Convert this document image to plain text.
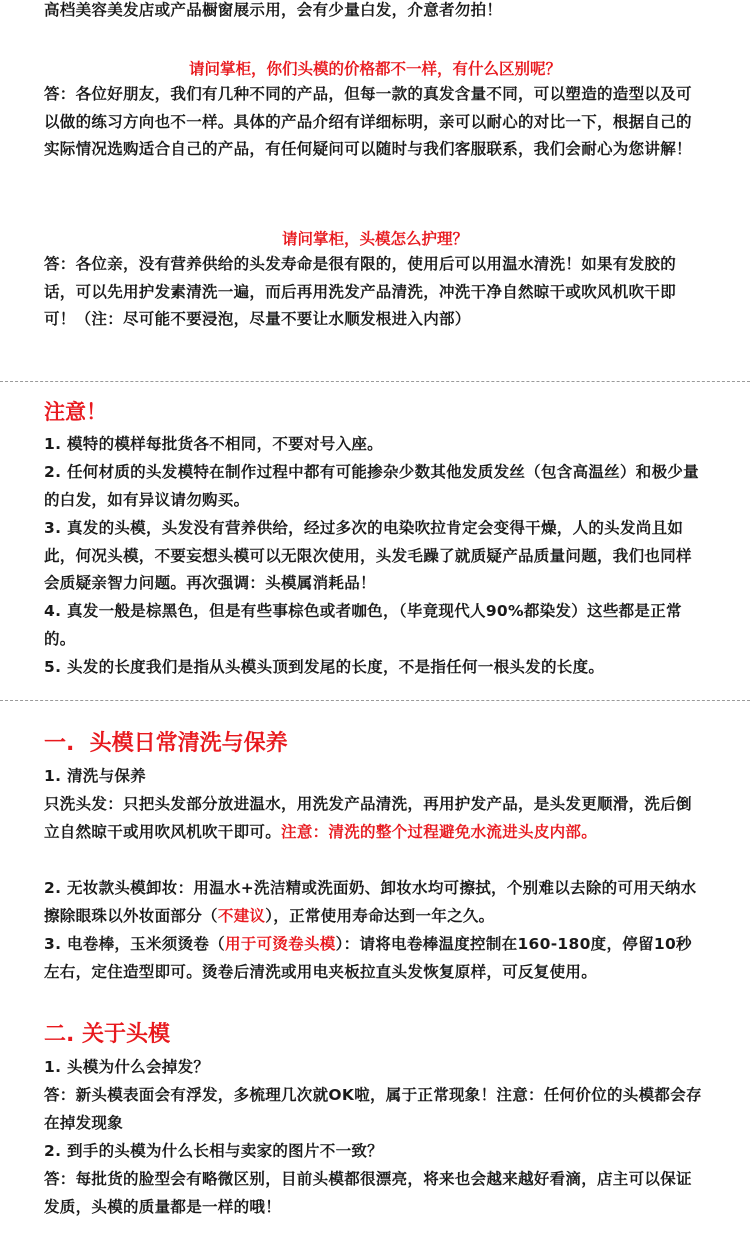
高档美容美发店或产品橱窗展示用，会有少量白发，介意者勿拍！

请问掌柜，你们头模的价格都不一样，有什么区别呢？

答：各位好朋友，我们有几种不同的产品，但每一款的真发含量不同，可以塑造的造型以及可以做的练习方向也不一样。具体的产品介绍有详细标明，亲可以耐心的对比一下，根据自己的实际情况选购适合自己的产品，有任何疑问可以随时与我们客服联系，我们会耐心为您讲解！

请问掌柜，头模怎么护理？

答：各位亲，没有营养供给的头发寿命是很有限的，使用后可以用温水清洗！如果有发胶的话，可以先用护发素清洗一遍，而后再用洗发产品清洗，冲洗干净自然晾干或吹风机吹干即可！（注：尽可能不要浸泡，尽量不要让水顺发根进入内部）

注意！

1. 模特的模样每批货各不相同，不要对号入座。

2. 任何材质的头发模特在制作过程中都有可能掺杂少数其他发质发丝（包含高温丝）和极少量的白发，如有异议请勿购买。

3. 真发的头模，头发没有营养供给，经过多次的电染吹拉肯定会变得干燥，人的头发尚且如此，何况头模，不要妄想头模可以无限次使用，头发毛躁了就质疑产品质量问题，我们也同样会质疑亲智力问题。再次强调：头模属消耗品！

4. 真发一般是棕黑色，但是有些事棕色或者咖色，（毕竟现代人90%都染发）这些都是正常的。

5. 头发的长度我们是指从头模头顶到发尾的长度，不是指任何一根头发的长度。

一.  头模日常清洗与保养

1. 清洗与保养

只洗头发：只把头发部分放进温水，用洗发产品清洗，再用护发产品，是头发更顺滑，洗后倒立自然晾干或用吹风机吹干即可。注意：清洗的整个过程避免水流进头皮内部。

2. 无妆款头模卸妆：用温水+洗洁精或洗面奶、卸妆水均可擦拭，个别难以去除的可用天纳水擦除眼珠以外妆面部分（不建议），正常使用寿命达到一年之久。

3. 电卷棒，玉米须烫卷（用于可烫卷头模）：请将电卷棒温度控制在160-180度，停留10秒左右，定住造型即可。烫卷后清洗或用电夹板拉直头发恢复原样，可反复使用。

二. 关于头模

1. 头模为什么会掉发？

答：新头模表面会有浮发，多梳理几次就OK啦，属于正常现象！注意：任何价位的头模都会存在掉发现象

2. 到手的头模为什么长相与卖家的图片不一致？

答：每批货的脸型会有略微区别，目前头模都很漂亮，将来也会越来越好看滴，店主可以保证发质，头模的质量都是一样的哦！
